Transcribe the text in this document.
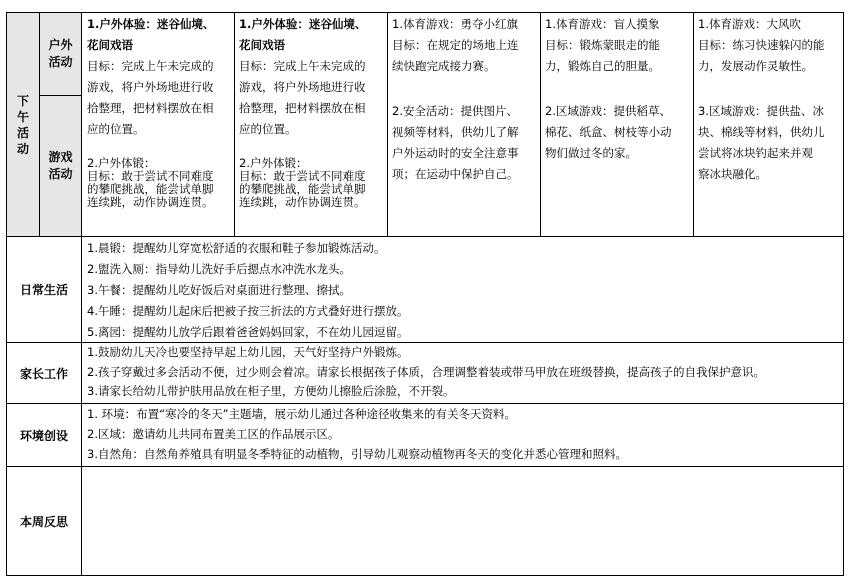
下午活动
户外活动
游戏活动
1.户外体验：迷谷仙境、
花间戏语
目标：完成上午未完成的
游戏，将户外场地进行收
拾整理，把材料摆放在相
应的位置。
2.户外体锻：
目标：敢于尝试不同难度
的攀爬挑战，能尝试单脚
连续跳，动作协调连贯。
1.户外体验：迷谷仙境、
花间戏语
目标：完成上午未完成的
游戏，将户外场地进行收
拾整理，把材料摆放在相
应的位置。
2.户外体锻：
目标：敢于尝试不同难度
的攀爬挑战，能尝试单脚
连续跳，动作协调连贯。
1.体育游戏：勇夺小红旗
目标：在规定的场地上连
续快跑完成接力赛。
2.安全活动：提供图片、
视频等材料，供幼儿了解
户外运动时的安全注意事
项；在运动中保护自己。
1.体育游戏：盲人摸象
目标：锻炼蒙眼走的能
力，锻炼自己的胆量。
2.区域游戏：提供稻草、
棉花、纸盒、树枝等小动
物们做过冬的家。
1.体育游戏：大风吹
目标：练习快速躲闪的能
力，发展动作灵敏性。
3.区域游戏：提供盐、冰
块、棉线等材料，供幼儿
尝试将冰块钓起来并观
察冰块融化。
日常生活
1.晨锻：提醒幼儿穿宽松舒适的衣服和鞋子参加锻炼活动。
2.盥洗入厕：指导幼儿洗好手后摁点水冲洗水龙头。
3.午餐：提醒幼儿吃好饭后对桌面进行整理、擦拭。
4.午睡：提醒幼儿起床后把被子按三折法的方式叠好进行摆放。
5.离园：提醒幼儿放学后跟着爸爸妈妈回家，不在幼儿园逗留。
家长工作
1.鼓励幼儿天冷也要坚持早起上幼儿园，天气好坚持户外锻炼。
2.孩子穿戴过多会活动不便，过少则会着凉。请家长根据孩子体质，合理调整着装或带马甲放在班级替换，提高孩子的自我保护意识。
3.请家长给幼儿带护肤用品放在柜子里，方便幼儿擦脸后涂脸，不开裂。
环境创设
1. 环境：布置“寒冷的冬天”主题墙，展示幼儿通过各种途径收集来的有关冬天资料。
2.区域：邀请幼儿共同布置美工区的作品展示区。
3.自然角：自然角养殖具有明显冬季特征的动植物，引导幼儿观察动植物再冬天的变化并悉心管理和照料。
本周反思
